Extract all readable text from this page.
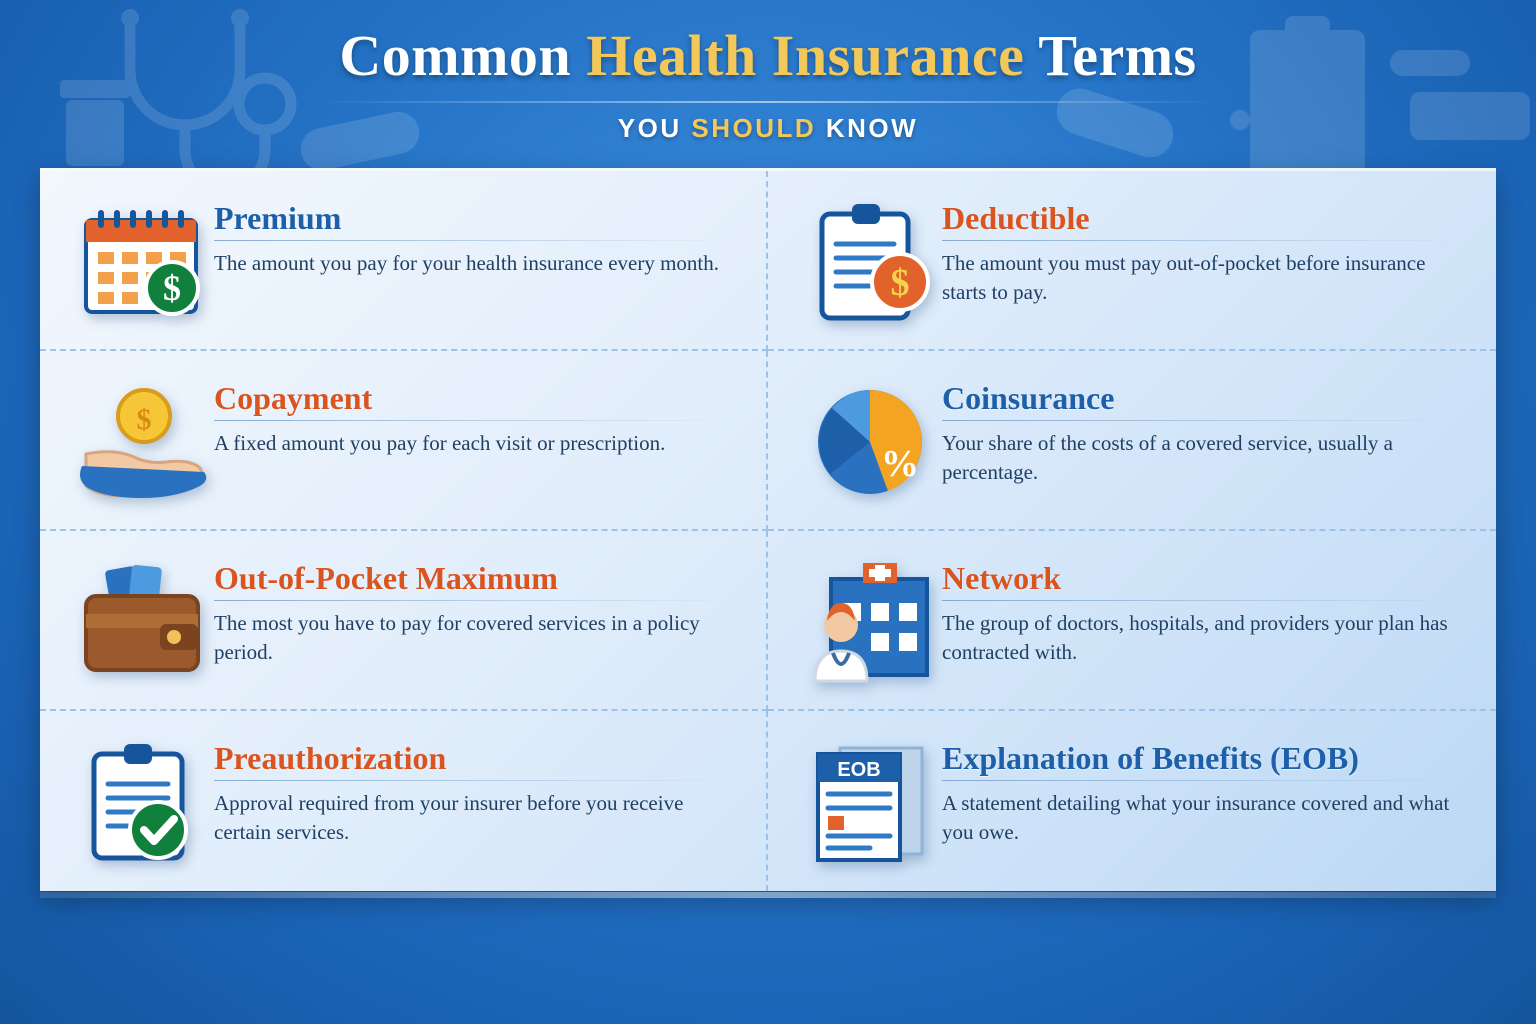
Common Health Insurance Terms

YOU SHOULD KNOW

$
Premium

The amount you pay for your health insurance every month.	$
Deductible

The amount you must pay out-of-pocket before insurance starts to pay.

$
Copayment

A fixed amount you pay for each visit or prescription.	%
Coinsurance

Your share of the costs of a covered service, usually a percentage.

Out-of-Pocket Maximum

The most you have to pay for covered services in a policy period.

Network

The group of doctors, hospitals, and providers your plan has contracted with.

Preauthorization

Approval required from your insurer before you receive certain services.

EOB Explanation of Benefits (EOB)

A statement detailing what your insurance covered and what you owe.
